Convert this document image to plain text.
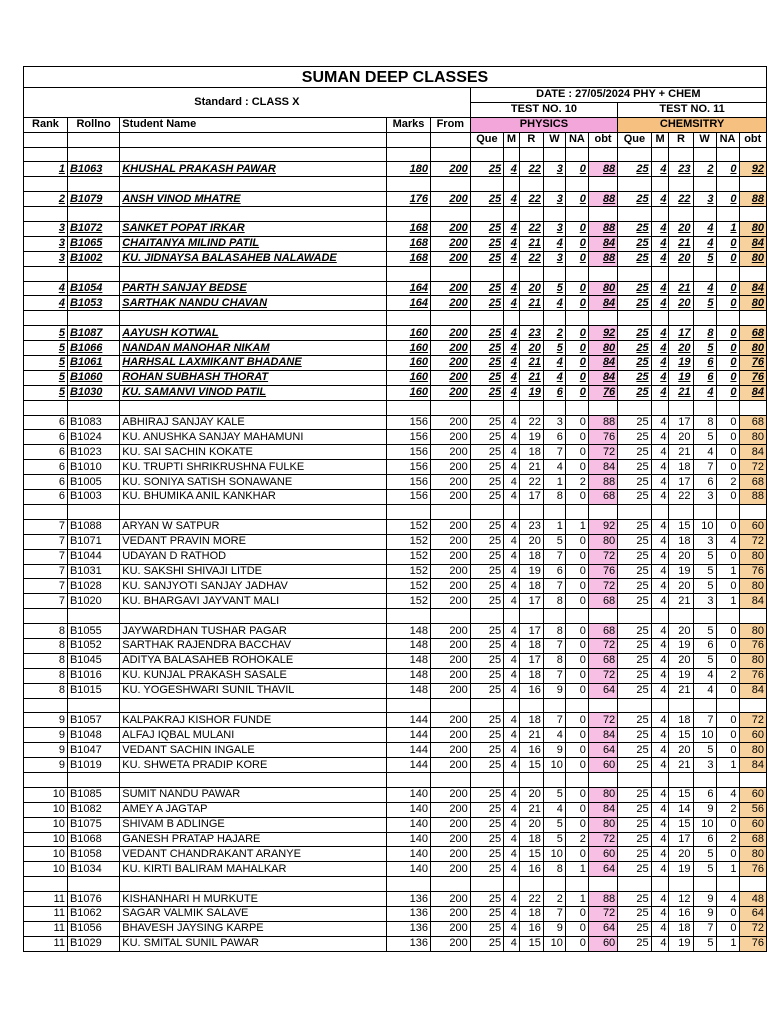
SUMAN DEEP CLASSES																
Standard : CLASS X					DATE : 27/05/2024 PHY + CHEM											
					TEST NO. 10						TEST NO. 11					
Rank	Rollno	Student Name	Marks	From	PHYSICS						CHEMSITRY					
					Que	M	R	W	NA	obt	Que	M	R	W	NA	obt

1	B1063	KHUSHAL PRAKASH PAWAR	180	200	25	4	22	3	0	88	25	4	23	2	0	92

2	B1079	ANSH VINOD MHATRE	176	200	25	4	22	3	0	88	25	4	22	3	0	88

3	B1072	SANKET POPAT IRKAR	168	200	25	4	22	3	0	88	25	4	20	4	1	80
3	B1065	CHAITANYA MILIND PATIL	168	200	25	4	21	4	0	84	25	4	21	4	0	84
3	B1002	KU. JIDNAYSA BALASAHEB NALAWADE	168	200	25	4	22	3	0	88	25	4	20	5	0	80

4	B1054	PARTH SANJAY BEDSE	164	200	25	4	20	5	0	80	25	4	21	4	0	84
4	B1053	SARTHAK NANDU CHAVAN	164	200	25	4	21	4	0	84	25	4	20	5	0	80

5	B1087	AAYUSH KOTWAL	160	200	25	4	23	2	0	92	25	4	17	8	0	68
5	B1066	NANDAN MANOHAR NIKAM	160	200	25	4	20	5	0	80	25	4	20	5	0	80
5	B1061	HARHSAL LAXMIKANT BHADANE	160	200	25	4	21	4	0	84	25	4	19	6	0	76
5	B1060	ROHAN SUBHASH THORAT	160	200	25	4	21	4	0	84	25	4	19	6	0	76
5	B1030	KU. SAMANVI VINOD PATIL	160	200	25	4	19	6	0	76	25	4	21	4	0	84

6	B1083	ABHIRAJ SANJAY KALE	156	200	25	4	22	3	0	88	25	4	17	8	0	68
6	B1024	KU. ANUSHKA SANJAY MAHAMUNI	156	200	25	4	19	6	0	76	25	4	20	5	0	80
6	B1023	KU. SAI SACHIN KOKATE	156	200	25	4	18	7	0	72	25	4	21	4	0	84
6	B1010	KU. TRUPTI SHRIKRUSHNA FULKE	156	200	25	4	21	4	0	84	25	4	18	7	0	72
6	B1005	KU. SONIYA SATISH SONAWANE	156	200	25	4	22	1	2	88	25	4	17	6	2	68
6	B1003	KU. BHUMIKA ANIL KANKHAR	156	200	25	4	17	8	0	68	25	4	22	3	0	88

7	B1088	ARYAN W SATPUR	152	200	25	4	23	1	1	92	25	4	15	10	0	60
7	B1071	VEDANT PRAVIN MORE	152	200	25	4	20	5	0	80	25	4	18	3	4	72
7	B1044	UDAYAN D RATHOD	152	200	25	4	18	7	0	72	25	4	20	5	0	80
7	B1031	KU. SAKSHI SHIVAJI LITDE	152	200	25	4	19	6	0	76	25	4	19	5	1	76
7	B1028	KU. SANJYOTI SANJAY JADHAV	152	200	25	4	18	7	0	72	25	4	20	5	0	80
7	B1020	KU. BHARGAVI JAYVANT MALI	152	200	25	4	17	8	0	68	25	4	21	3	1	84

8	B1055	JAYWARDHAN TUSHAR PAGAR	148	200	25	4	17	8	0	68	25	4	20	5	0	80
8	B1052	SARTHAK RAJENDRA BACCHAV	148	200	25	4	18	7	0	72	25	4	19	6	0	76
8	B1045	ADITYA BALASAHEB ROHOKALE	148	200	25	4	17	8	0	68	25	4	20	5	0	80
8	B1016	KU. KUNJAL PRAKASH SASALE	148	200	25	4	18	7	0	72	25	4	19	4	2	76
8	B1015	KU. YOGESHWARI SUNIL THAVIL	148	200	25	4	16	9	0	64	25	4	21	4	0	84

9	B1057	KALPAKRAJ KISHOR FUNDE	144	200	25	4	18	7	0	72	25	4	18	7	0	72
9	B1048	ALFAJ IQBAL MULANI	144	200	25	4	21	4	0	84	25	4	15	10	0	60
9	B1047	VEDANT SACHIN INGALE	144	200	25	4	16	9	0	64	25	4	20	5	0	80
9	B1019	KU. SHWETA PRADIP KORE	144	200	25	4	15	10	0	60	25	4	21	3	1	84

10	B1085	SUMIT NANDU PAWAR	140	200	25	4	20	5	0	80	25	4	15	6	4	60
10	B1082	AMEY A JAGTAP	140	200	25	4	21	4	0	84	25	4	14	9	2	56
10	B1075	SHIVAM B ADLINGE	140	200	25	4	20	5	0	80	25	4	15	10	0	60
10	B1068	GANESH PRATAP HAJARE	140	200	25	4	18	5	2	72	25	4	17	6	2	68
10	B1058	VEDANT CHANDRAKANT ARANYE	140	200	25	4	15	10	0	60	25	4	20	5	0	80
10	B1034	KU. KIRTI BALIRAM MAHALKAR	140	200	25	4	16	8	1	64	25	4	19	5	1	76

11	B1076	KISHANHARI H MURKUTE	136	200	25	4	22	2	1	88	25	4	12	9	4	48
11	B1062	SAGAR VALMIK SALAVE	136	200	25	4	18	7	0	72	25	4	16	9	0	64
11	B1056	BHAVESH JAYSING KARPE	136	200	25	4	16	9	0	64	25	4	18	7	0	72
11	B1029	KU. SMITAL SUNIL PAWAR	136	200	25	4	15	10	0	60	25	4	19	5	1	76
